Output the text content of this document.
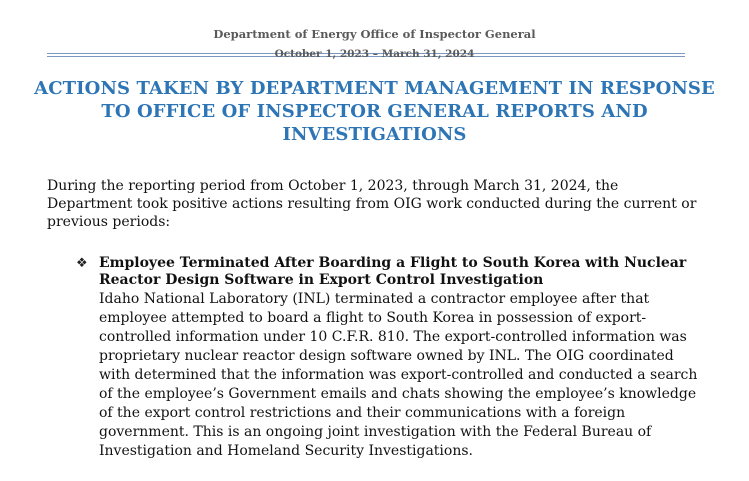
Department of Energy Office of Inspector General
October 1, 2023 – March 31, 2024
ACTIONS TAKEN BY DEPARTMENT MANAGEMENT IN RESPONSE TO OFFICE OF INSPECTOR GENERAL REPORTS AND INVESTIGATIONS
During the reporting period from October 1, 2023, through March 31, 2024, the Department took positive actions resulting from OIG work conducted during the current or previous periods:
❖ Employee Terminated After Boarding a Flight to South Korea with Nuclear Reactor Design Software in Export Control Investigation
Idaho National Laboratory (INL) terminated a contractor employee after that employee attempted to board a flight to South Korea in possession of export-controlled information under 10 C.F.R. 810. The export-controlled information was proprietary nuclear reactor design software owned by INL. The OIG coordinated with determined that the information was export-controlled and conducted a search of the employee’s Government emails and chats showing the employee’s knowledge of the export control restrictions and their communications with a foreign government. This is an ongoing joint investigation with the Federal Bureau of Investigation and Homeland Security Investigations.
